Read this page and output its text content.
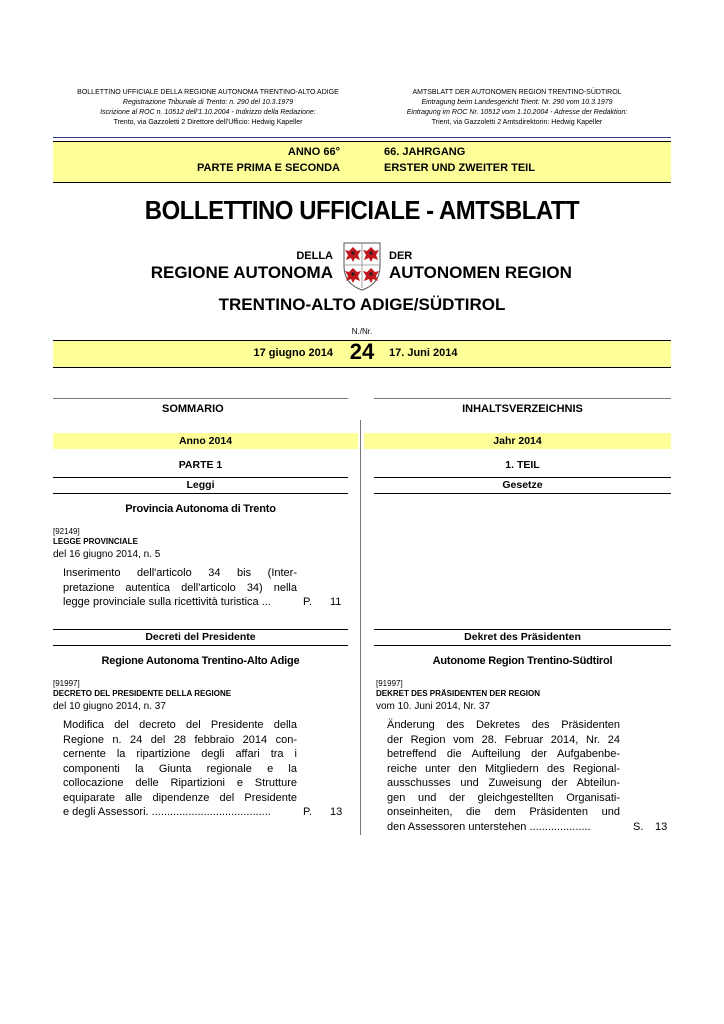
BOLLETTINO UFFICIALE DELLA REGIONE AUTONOMA TRENTINO-ALTO ADIGE
Registrazione Tribunale di Trento: n. 290 del 10.3.1979
Iscrizione al ROC n. 10512 dell’1.10.2004 - Indirizzo della Redazione:
Trento, via Gazzoletti 2 Direttore dell'Ufficio: Hedwig Kapeller
AMTSBLATT DER AUTONOMEN REGION TRENTINO-SÜDTIROL
Eintragung beim Landesgericht Trient: Nr. 290 vom 10.3.1979
Eintragung im ROC Nr. 10512 vom 1.10.2004 - Adresse der Redaktion:
Trient, via Gazzoletti 2 Amtsdirektorin: Hedwig Kapeller
ANNO 66°
PARTE PRIMA E SECONDA
66. JAHRGANG
ERSTER UND ZWEITER TEIL
BOLLETTINO UFFICIALE - AMTSBLATT
DELLA	DER
REGIONE AUTONOMA	AUTONOMEN REGION
TRENTINO-ALTO ADIGE/SÜDTIROL
N./Nr.
17 giugno 2014 24	17. Juni 2014
SOMMARIO	INHALTSVERZEICHNIS
Anno 2014	Jahr 2014
PARTE 1	1. TEIL
Leggi	Gesetze
Provincia Autonoma di Trento
[92149]
LEGGE PROVINCIALE
del 16 giugno 2014, n. 5
Inserimento dell'articolo 34 bis (Inter-
pretazione autentica dell'articolo 34) nella
legge provinciale sulla ricettività turistica ...	P. 11
Decreti del Presidente	Dekret des Präsidenten
Regione Autonoma Trentino-Alto Adige	Autonome Region Trentino-Südtirol
[91997]
DECRETO DEL PRESIDENTE DELLA REGIONE
del 10 giugno 2014, n. 37
Modifica del decreto del Presidente della
Regione n. 24 del 28 febbraio 2014 con-
cernente la ripartizione degli affari tra i
componenti la Giunta regionale e la
collocazione delle Ripartizioni e Strutture
equiparate alle dipendenze del Presidente
e degli Assessori. .......................................	P. 13
[91997]
DEKRET DES PRÄSIDENTEN DER REGION
vom 10. Juni 2014, Nr. 37
Änderung des Dekretes des Präsidenten
der Region vom 28. Februar 2014, Nr. 24
betreffend die Aufteilung der Aufgabenbe-
reiche unter den Mitgliedern des Regional-
ausschusses und Zuweisung der Abteilun-
gen und der gleichgestellten Organisati-
onseinheiten, die dem Präsidenten und
den Assessoren unterstehen ....................	S. 13
